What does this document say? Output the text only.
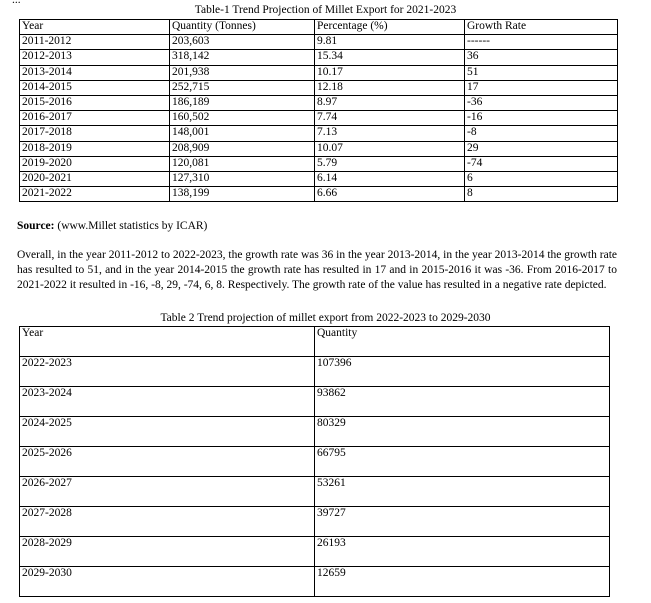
...
Table-1 Trend Projection of Millet Export for 2021-2023
Year	Quantity (Tonnes)	Percentage (%)	Growth Rate
2011-2012	203,603	9.81	------
2012-2013	318,142	15.34	36
2013-2014	201,938	10.17	51
2014-2015	252,715	12.18	17
2015-2016	186,189	8.97	-36
2016-2017	160,502	7.74	-16
2017-2018	148,001	7.13	-8
2018-2019	208,909	10.07	29
2019-2020	120,081	5.79	-74
2020-2021	127,310	6.14	6
2021-2022	138,199	6.66	8
Source: (www.Millet statistics by ICAR)
Overall, in the year 2011-2012 to 2022-2023, the growth rate was 36 in the year 2013-2014, in the year 2013-2014 the growth rate has resulted to 51, and in the year 2014-2015 the growth rate has resulted in 17 and in 2015-2016 it was -36. From 2016-2017 to 2021-2022 it resulted in -16, -8, 29, -74, 6, 8. Respectively. The growth rate of the value has resulted in a negative rate depicted.
Table 2 Trend projection of millet export from 2022-2023 to 2029-2030
Year	Quantity
2022-2023	107396
2023-2024	93862
2024-2025	80329
2025-2026	66795
2026-2027	53261
2027-2028	39727
2028-2029	26193
2029-2030	12659
